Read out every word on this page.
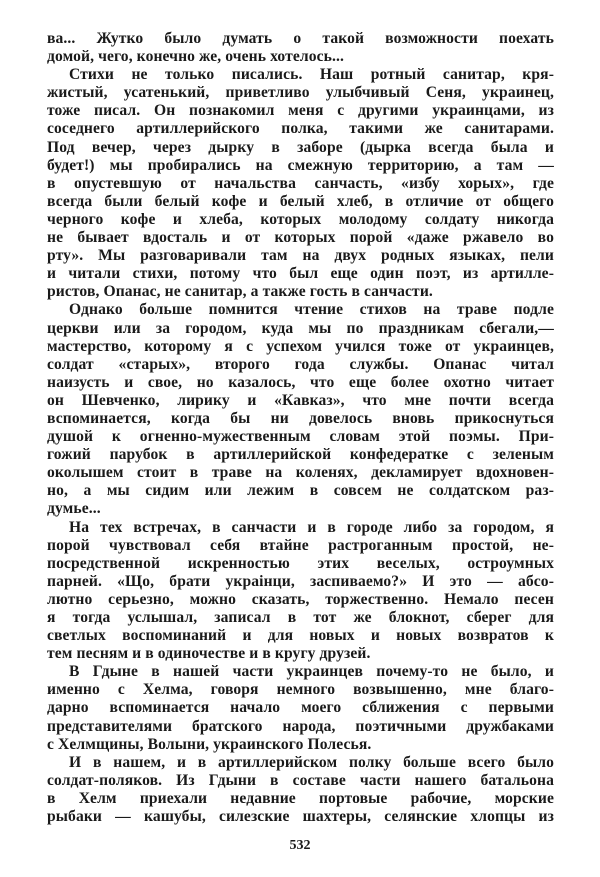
ва... Жутко было думать о такой возможности поехать
домой, чего, конечно же, очень хотелось...
Стихи не только писались. Наш ротный санитар, кря-
жистый, усатенький, приветливо улыбчивый Сеня, украинец,
тоже писал. Он познакомил меня с другими украинцами, из
соседнего артиллерийского полка, такими же санитарами.
Под вечер, через дырку в заборе (дырка всегда была и
будет!) мы пробирались на смежную территорию, а там —
в опустевшую от начальства санчасть, «избу хорых», где
всегда были белый кофе и белый хлеб, в отличие от общего
черного кофе и хлеба, которых молодому солдату никогда
не бывает вдосталь и от которых порой «даже ржавело во
рту». Мы разговаривали там на двух родных языках, пели
и читали стихи, потому что был еще один поэт, из артилле-
ристов, Опанас, не санитар, а также гость в санчасти.
Однако больше помнится чтение стихов на траве подле
церкви или за городом, куда мы по праздникам сбегали,—
мастерство, которому я с успехом учился тоже от украинцев,
солдат «старых», второго года службы. Опанас читал
наизусть и свое, но казалось, что еще более охотно читает
он Шевченко, лирику и «Кавказ», что мне почти всегда
вспоминается, когда бы ни довелось вновь прикоснуться
душой к огненно-мужественным словам этой поэмы. При-
гожий парубок в артиллерийской конфедератке с зеленым
околышем стоит в траве на коленях, декламирует вдохновен-
но, а мы сидим или лежим в совсем не солдатском раз-
думье...
На тех встречах, в санчасти и в городе либо за городом, я
порой чувствовал себя втайне растроганным простой, не-
посредственной искренностью этих веселых, остроумных
парней. «Що, брати украінци, заспиваемо?» И это — абсо-
лютно серьезно, можно сказать, торжественно. Немало песен
я тогда услышал, записал в тот же блокнот, сберег для
светлых воспоминаний и для новых и новых возвратов к
тем песням и в одиночестве и в кругу друзей.
В Гдыне в нашей части украинцев почему-то не было, и
именно с Хелма, говоря немного возвышенно, мне благо-
дарно вспоминается начало моего сближения с первыми
представителями братского народа, поэтичными дружбаками
с Хелмщины, Волыни, украинского Полесья.
И в нашем, и в артиллерийском полку больше всего было
солдат-поляков. Из Гдыни в составе части нашего батальона
в Хелм приехали недавние портовые рабочие, морские
рыбаки — кашубы, силезские шахтеры, селянские хлопцы из
532
